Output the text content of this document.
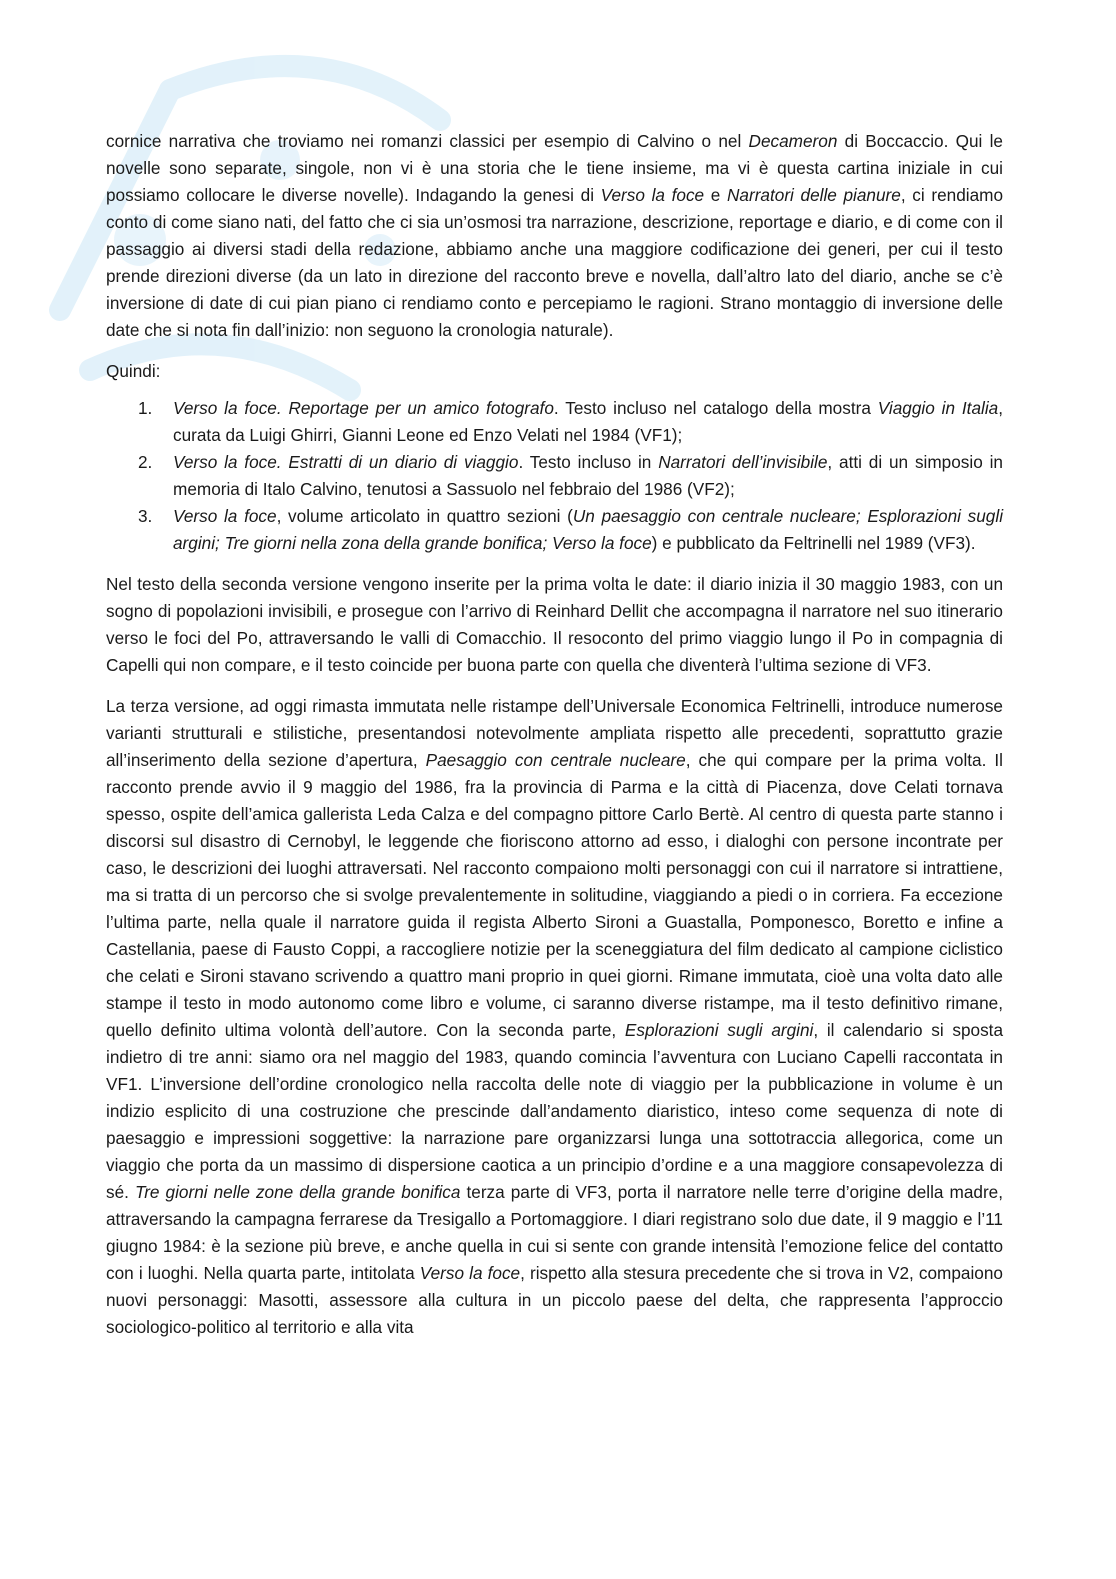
cornice narrativa che troviamo nei romanzi classici per esempio di Calvino o nel Decameron di Boccaccio. Qui le novelle sono separate, singole, non vi è una storia che le tiene insieme, ma vi è questa cartina iniziale in cui possiamo collocare le diverse novelle). Indagando la genesi di Verso la foce e Narratori delle pianure, ci rendiamo conto di come siano nati, del fatto che ci sia un’osmosi tra narrazione, descrizione, reportage e diario, e di come con il passaggio ai diversi stadi della redazione, abbiamo anche una maggiore codificazione dei generi, per cui il testo prende direzioni diverse (da un lato in direzione del racconto breve e novella, dall’altro lato del diario, anche se c’è inversione di date di cui pian piano ci rendiamo conto e percepiamo le ragioni. Strano montaggio di inversione delle date che si nota fin dall’inizio: non seguono la cronologia naturale).

Quindi:

1. Verso la foce. Reportage per un amico fotografo. Testo incluso nel catalogo della mostra Viaggio in Italia, curata da Luigi Ghirri, Gianni Leone ed Enzo Velati nel 1984 (VF1);
2. Verso la foce. Estratti di un diario di viaggio. Testo incluso in Narratori dell’invisibile, atti di un simposio in memoria di Italo Calvino, tenutosi a Sassuolo nel febbraio del 1986 (VF2);
3. Verso la foce, volume articolato in quattro sezioni (Un paesaggio con centrale nucleare; Esplorazioni sugli argini; Tre giorni nella zona della grande bonifica; Verso la foce) e pubblicato da Feltrinelli nel 1989 (VF3).

Nel testo della seconda versione vengono inserite per la prima volta le date: il diario inizia il 30 maggio 1983, con un sogno di popolazioni invisibili, e prosegue con l’arrivo di Reinhard Dellit che accompagna il narratore nel suo itinerario verso le foci del Po, attraversando le valli di Comacchio. Il resoconto del primo viaggio lungo il Po in compagnia di Capelli qui non compare, e il testo coincide per buona parte con quella che diventerà l’ultima sezione di VF3.

La terza versione, ad oggi rimasta immutata nelle ristampe dell’Universale Economica Feltrinelli, introduce numerose varianti strutturali e stilistiche, presentandosi notevolmente ampliata rispetto alle precedenti, soprattutto grazie all’inserimento della sezione d’apertura, Paesaggio con centrale nucleare, che qui compare per la prima volta. Il racconto prende avvio il 9 maggio del 1986, fra la provincia di Parma e la città di Piacenza, dove Celati tornava spesso, ospite dell’amica gallerista Leda Calza e del compagno pittore Carlo Bertè. Al centro di questa parte stanno i discorsi sul disastro di Cernobyl, le leggende che fioriscono attorno ad esso, i dialoghi con persone incontrate per caso, le descrizioni dei luoghi attraversati. Nel racconto compaiono molti personaggi con cui il narratore si intrattiene, ma si tratta di un percorso che si svolge prevalentemente in solitudine, viaggiando a piedi o in corriera. Fa eccezione l’ultima parte, nella quale il narratore guida il regista Alberto Sironi a Guastalla, Pomponesco, Boretto e infine a Castellania, paese di Fausto Coppi, a raccogliere notizie per la sceneggiatura del film dedicato al campione ciclistico che celati e Sironi stavano scrivendo a quattro mani proprio in quei giorni. Rimane immutata, cioè una volta dato alle stampe il testo in modo autonomo come libro e volume, ci saranno diverse ristampe, ma il testo definitivo rimane, quello definito ultima volontà dell’autore. Con la seconda parte, Esplorazioni sugli argini, il calendario si sposta indietro di tre anni: siamo ora nel maggio del 1983, quando comincia l’avventura con Luciano Capelli raccontata in VF1. L’inversione dell’ordine cronologico nella raccolta delle note di viaggio per la pubblicazione in volume è un indizio esplicito di una costruzione che prescinde dall’andamento diaristico, inteso come sequenza di note di paesaggio e impressioni soggettive: la narrazione pare organizzarsi lunga una sottotraccia allegorica, come un viaggio che porta da un massimo di dispersione caotica a un principio d’ordine e a una maggiore consapevolezza di sé. Tre giorni nelle zone della grande bonifica terza parte di VF3, porta il narratore nelle terre d’origine della madre, attraversando la campagna ferrarese da Tresigallo a Portomaggiore. I diari registrano solo due date, il 9 maggio e l’11 giugno 1984: è la sezione più breve, e anche quella in cui si sente con grande intensità l’emozione felice del contatto con i luoghi. Nella quarta parte, intitolata Verso la foce, rispetto alla stesura precedente che si trova in V2, compaiono nuovi personaggi: Masotti, assessore alla cultura in un piccolo paese del delta, che rappresenta l’approccio sociologico-politico al territorio e alla vita
